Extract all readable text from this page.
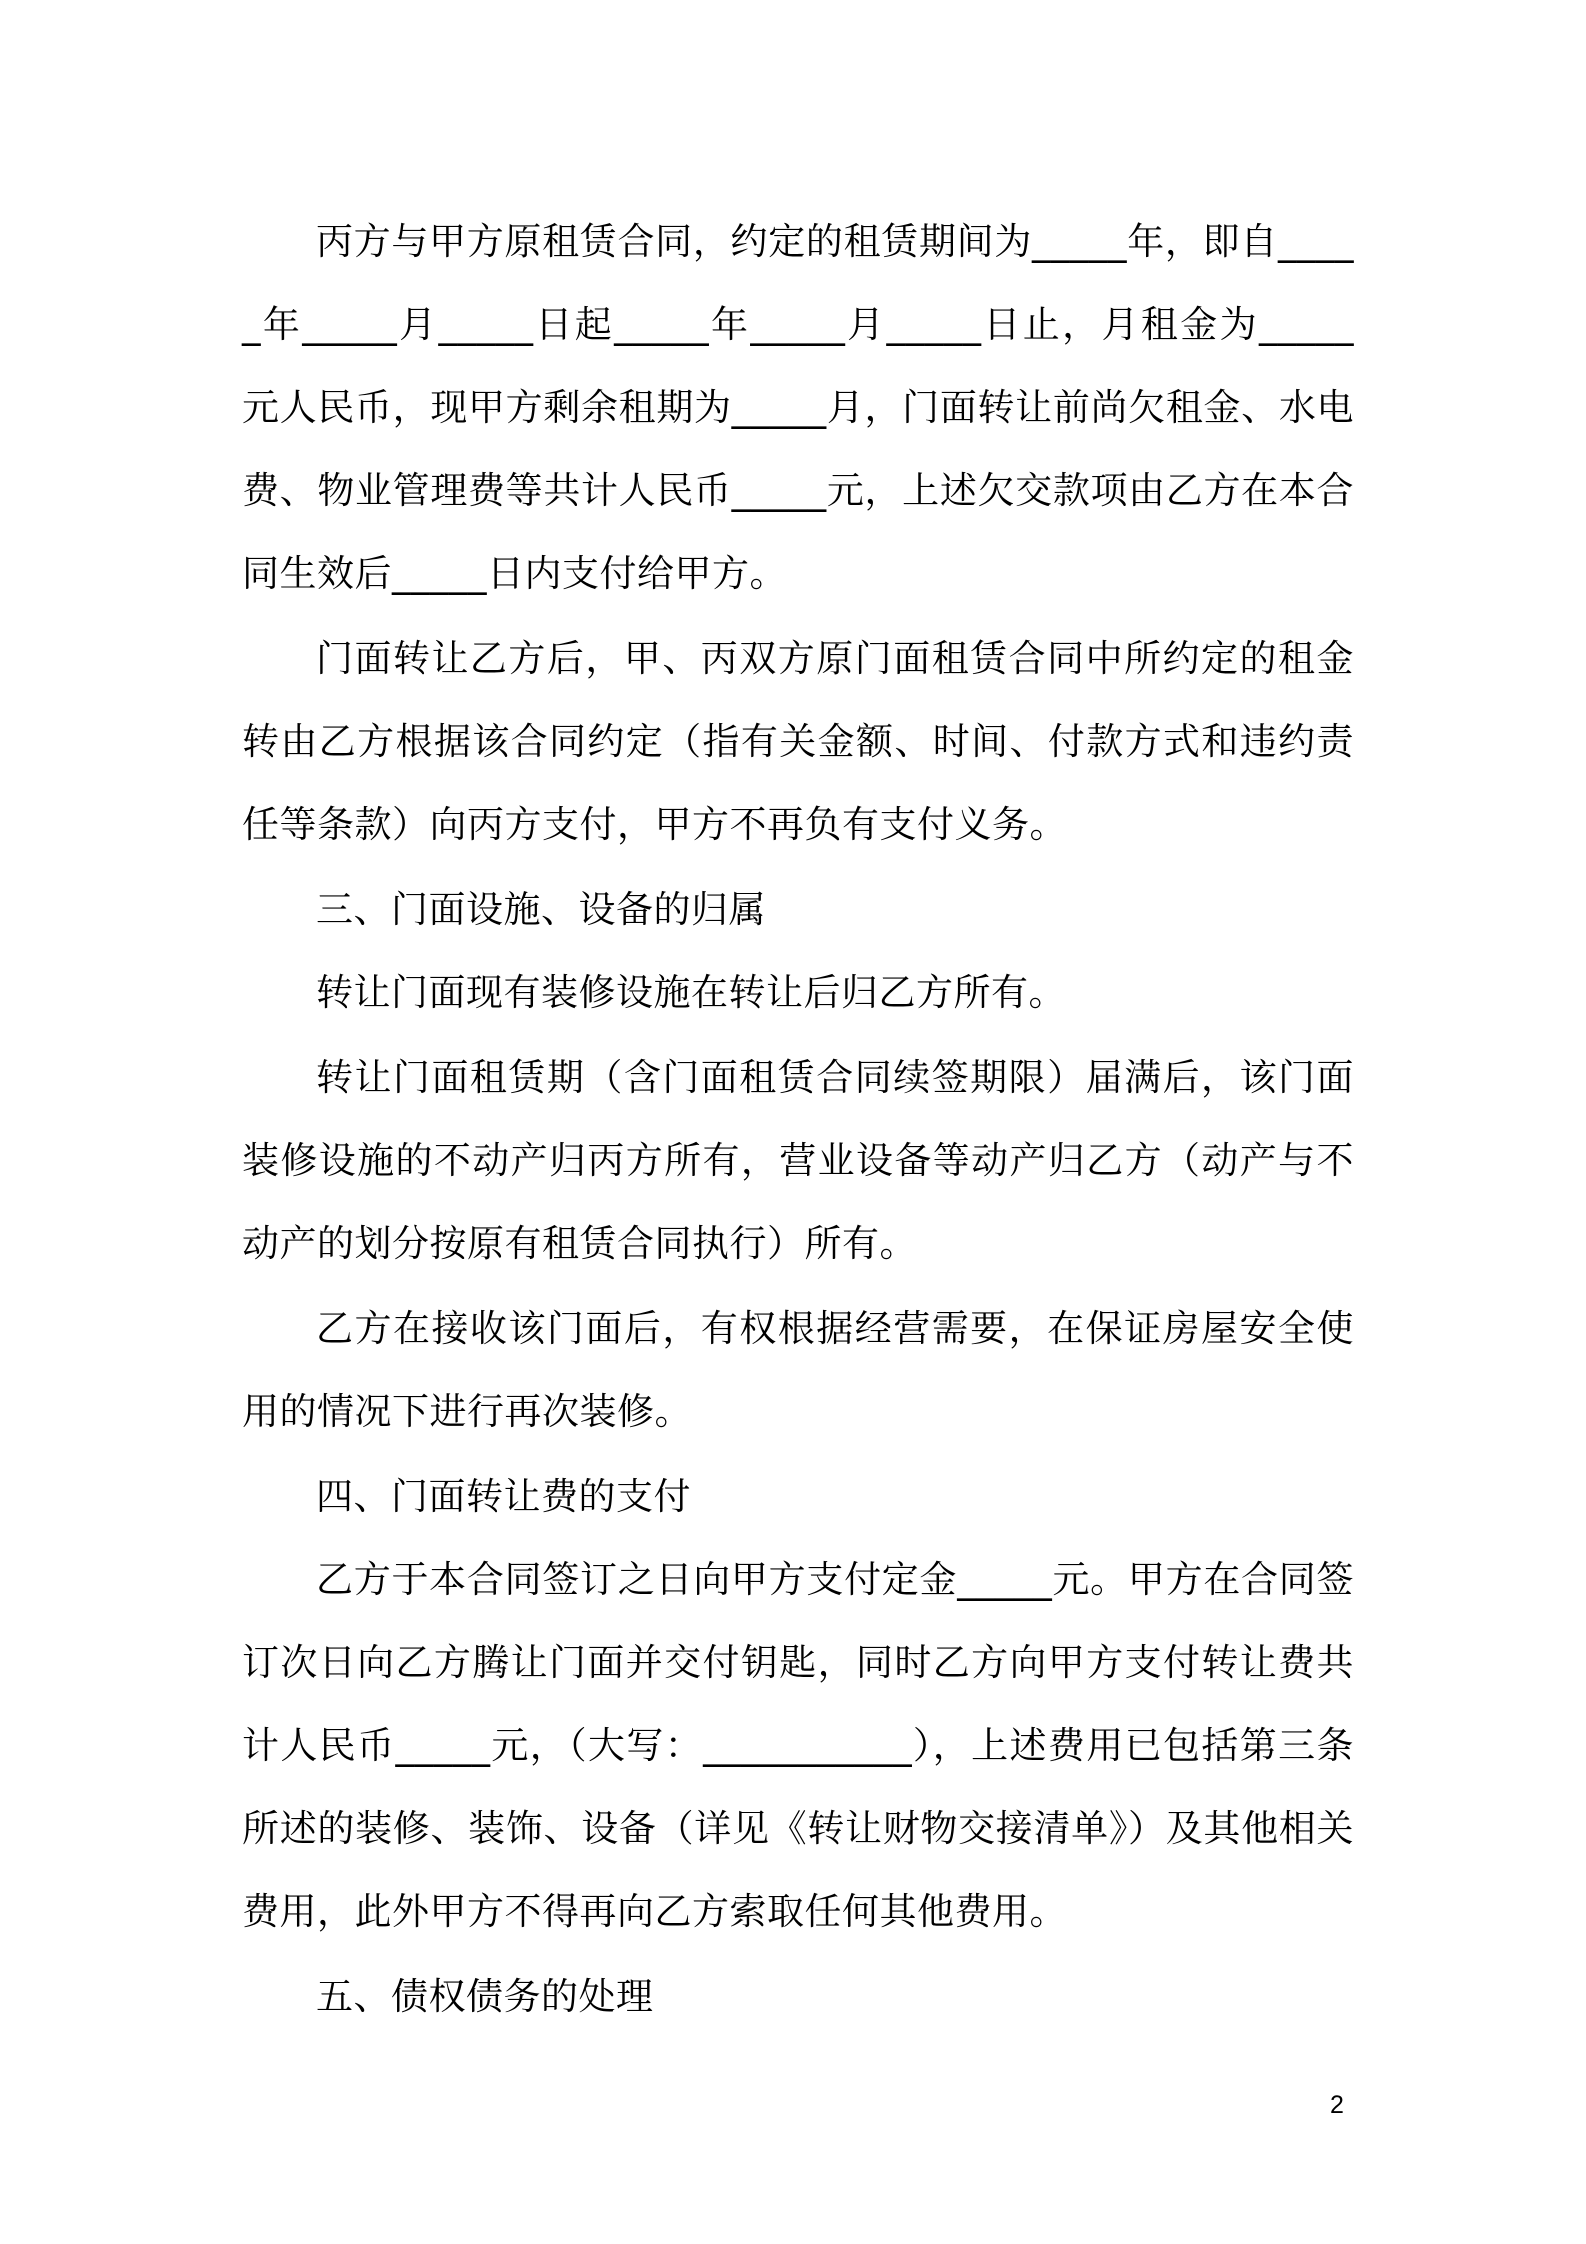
丙方与甲方原租赁合同，约定的租赁期间为_____年，即自_____年_____月_____日起_____年_____月_____日止，月租金为_____元人民币，现甲方剩余租期为_____月，门面转让前尚欠租金、水电费、物业管理费等共计人民币_____元，上述欠交款项由乙方在本合同生效后_____日内支付给甲方。

门面转让乙方后，甲、丙双方原门面租赁合同中所约定的租金转由乙方根据该合同约定（指有关金额、时间、付款方式和违约责任等条款）向丙方支付，甲方不再负有支付义务。

三、门面设施、设备的归属

转让门面现有装修设施在转让后归乙方所有。

转让门面租赁期（含门面租赁合同续签期限）届满后，该门面装修设施的不动产归丙方所有，营业设备等动产归乙方（动产与不动产的划分按原有租赁合同执行）所有。

乙方在接收该门面后，有权根据经营需要，在保证房屋安全使用的情况下进行再次装修。

四、门面转让费的支付

乙方于本合同签订之日向甲方支付定金_____元。甲方在合同签订次日向乙方腾让门面并交付钥匙，同时乙方向甲方支付转让费共计人民币_____元，（大写：___________），上述费用已包括第三条所述的装修、装饰、设备（详见《转让财物交接清单》）及其他相关费用，此外甲方不得再向乙方索取任何其他费用。

五、债权债务的处理

2
